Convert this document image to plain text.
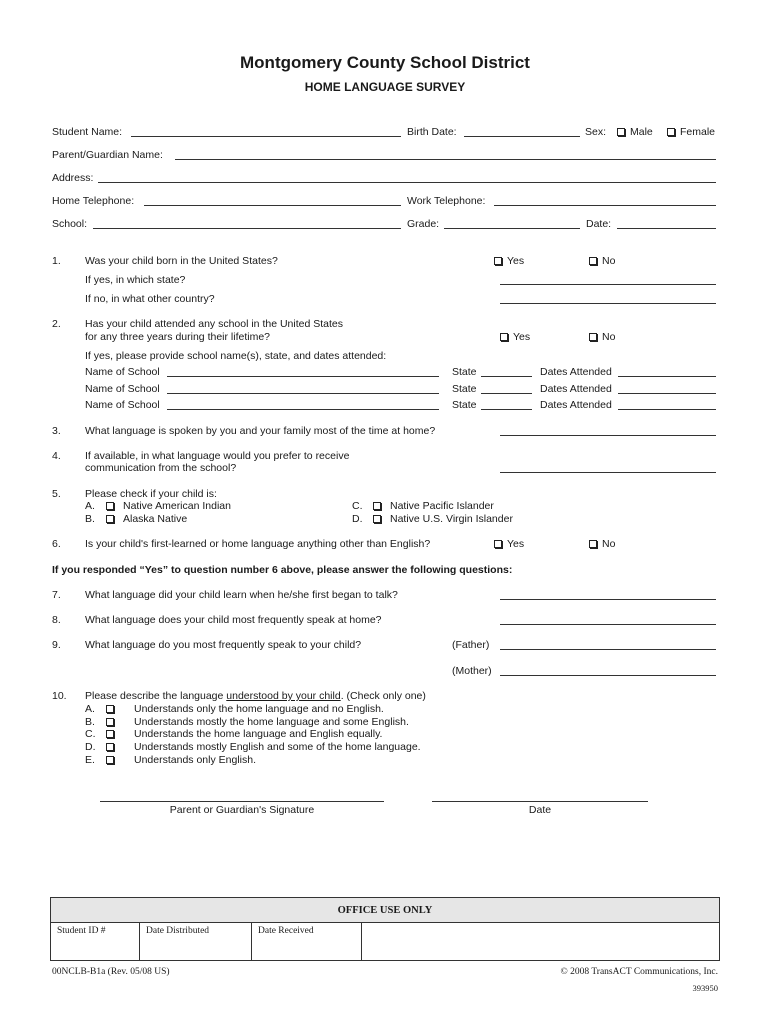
Montgomery County School District
HOME LANGUAGE SURVEY
Student Name:	Birth Date:	Sex:	Male	Female
Parent/Guardian Name:
Address:
Home Telephone:	Work Telephone:
School:	Grade:	Date:
1. Was your child born in the United States?	Yes	No
If yes, in which state?
If no, in what other country?
2. Has your child attended any school in the United States
for any three years during their lifetime?	Yes	No
If yes, please provide school name(s), state, and dates attended:
Name of School	State	Dates Attended
Name of School	State	Dates Attended
Name of School	State	Dates Attended
3. What language is spoken by you and your family most of the time at home?
4. If available, in what language would you prefer to receive
communication from the school?
5. Please check if your child is:
A.	Native American Indian
B.	Alaska Native
C.	Native Pacific Islander
D.	Native U.S. Virgin Islander
6. Is your child's first-learned or home language anything other than English?	Yes	No
If you responded “Yes” to question number 6 above, please answer the following questions:
7. What language did your child learn when he/she first began to talk?
8. What language does your child most frequently speak at home?
9. What language do you most frequently speak to your child?	(Father)
(Mother)
10. Please describe the language understood by your child. (Check only one)
A.	Understands only the home language and no English.
B.	Understands mostly the home language and some English.
C.	Understands the home language and English equally.
D.	Understands mostly English and some of the home language.
E.	Understands only English.
Parent or Guardian's Signature	Date
OFFICE USE ONLY
Student ID #	Date Distributed	Date Received
00NCLB-B1a (Rev. 05/08 US)	© 2008 TransACT Communications, Inc.
393950
